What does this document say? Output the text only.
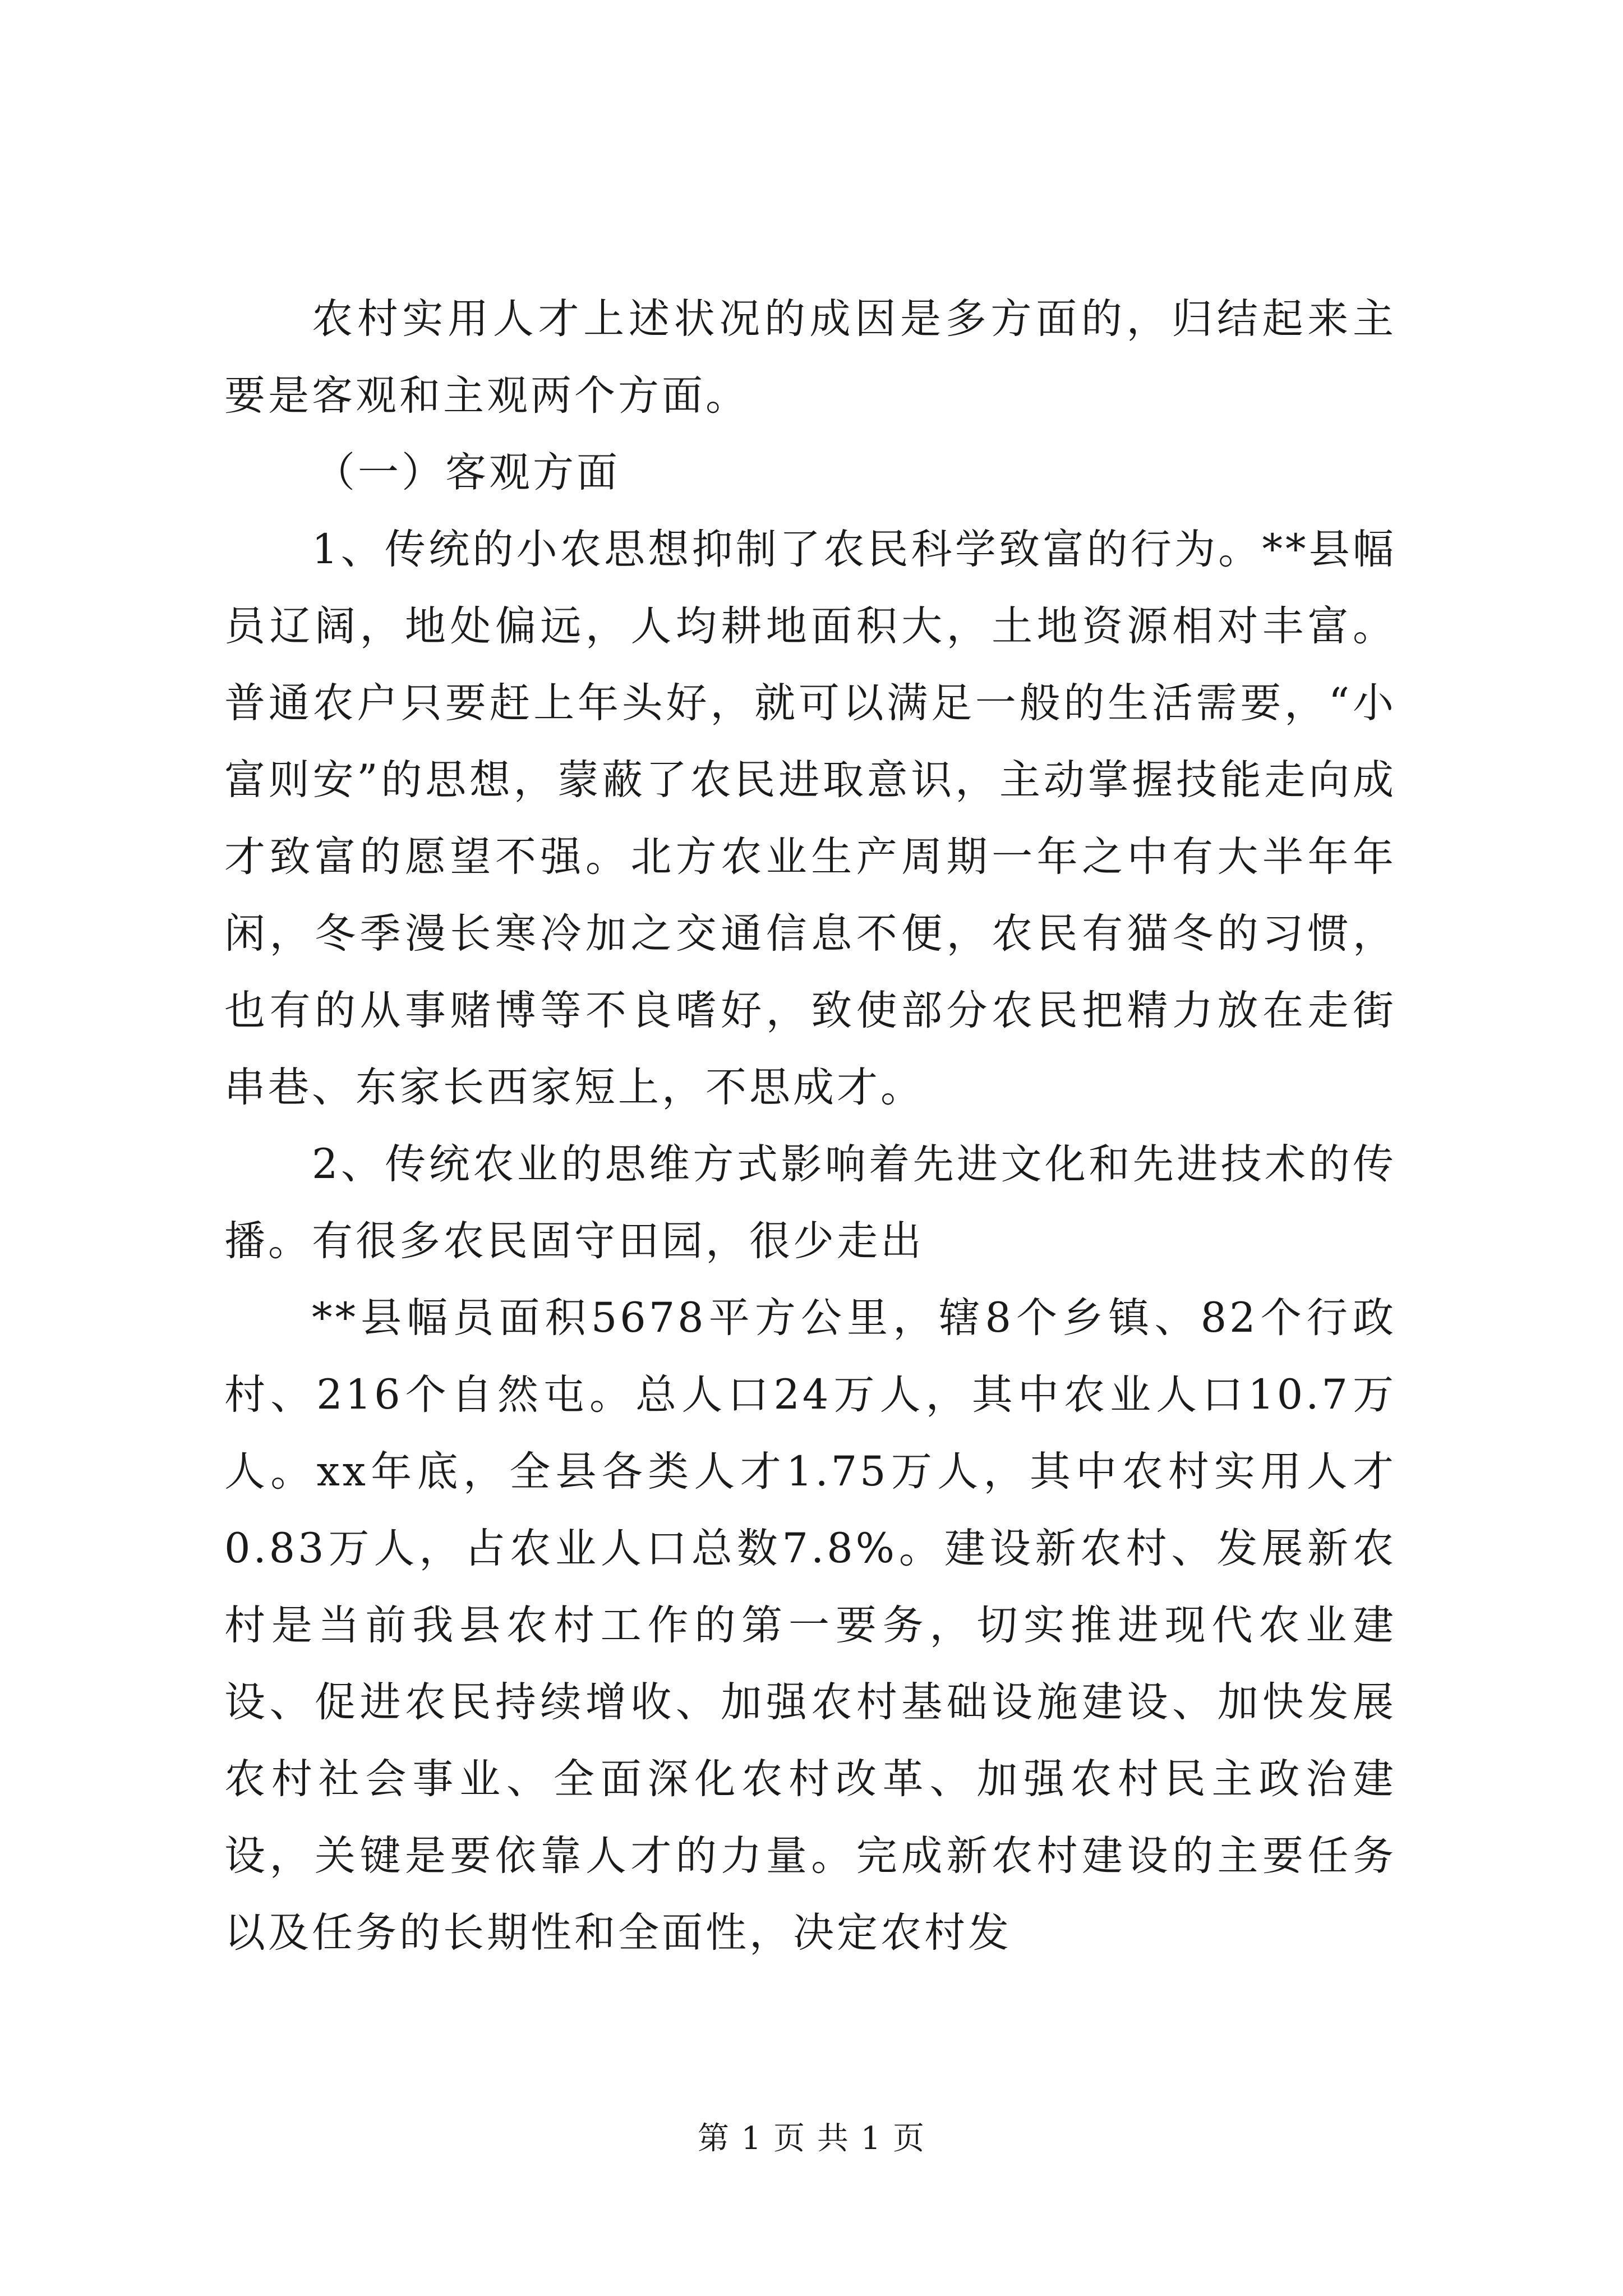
农村实用人才上述状况的成因是多方面的，归结起来主要是客观和主观两个方面。

（一）客观方面

1、传统的小农思想抑制了农民科学致富的行为。**县幅员辽阔，地处偏远，人均耕地面积大，土地资源相对丰富。普通农户只要赶上年头好，就可以满足一般的生活需要，“小富则安”的思想，蒙蔽了农民进取意识，主动掌握技能走向成才致富的愿望不强。北方农业生产周期一年之中有大半年年闲，冬季漫长寒冷加之交通信息不便，农民有猫冬的习惯，也有的从事赌博等不良嗜好，致使部分农民把精力放在走街串巷、东家长西家短上，不思成才。

2、传统农业的思维方式影响着先进文化和先进技术的传播。有很多农民固守田园，很少走出

**县幅员面积5678平方公里，辖8个乡镇、82个行政村、216个自然屯。总人口24万人，其中农业人口10.7万人。xx年底，全县各类人才1.75万人，其中农村实用人才0.83万人，占农业人口总数7.8%。建设新农村、发展新农村是当前我县农村工作的第一要务，切实推进现代农业建设、促进农民持续增收、加强农村基础设施建设、加快发展农村社会事业、全面深化农村改革、加强农村民主政治建设，关键是要依靠人才的力量。完成新农村建设的主要任务以及任务的长期性和全面性，决定农村发

第 1 页 共 1 页
